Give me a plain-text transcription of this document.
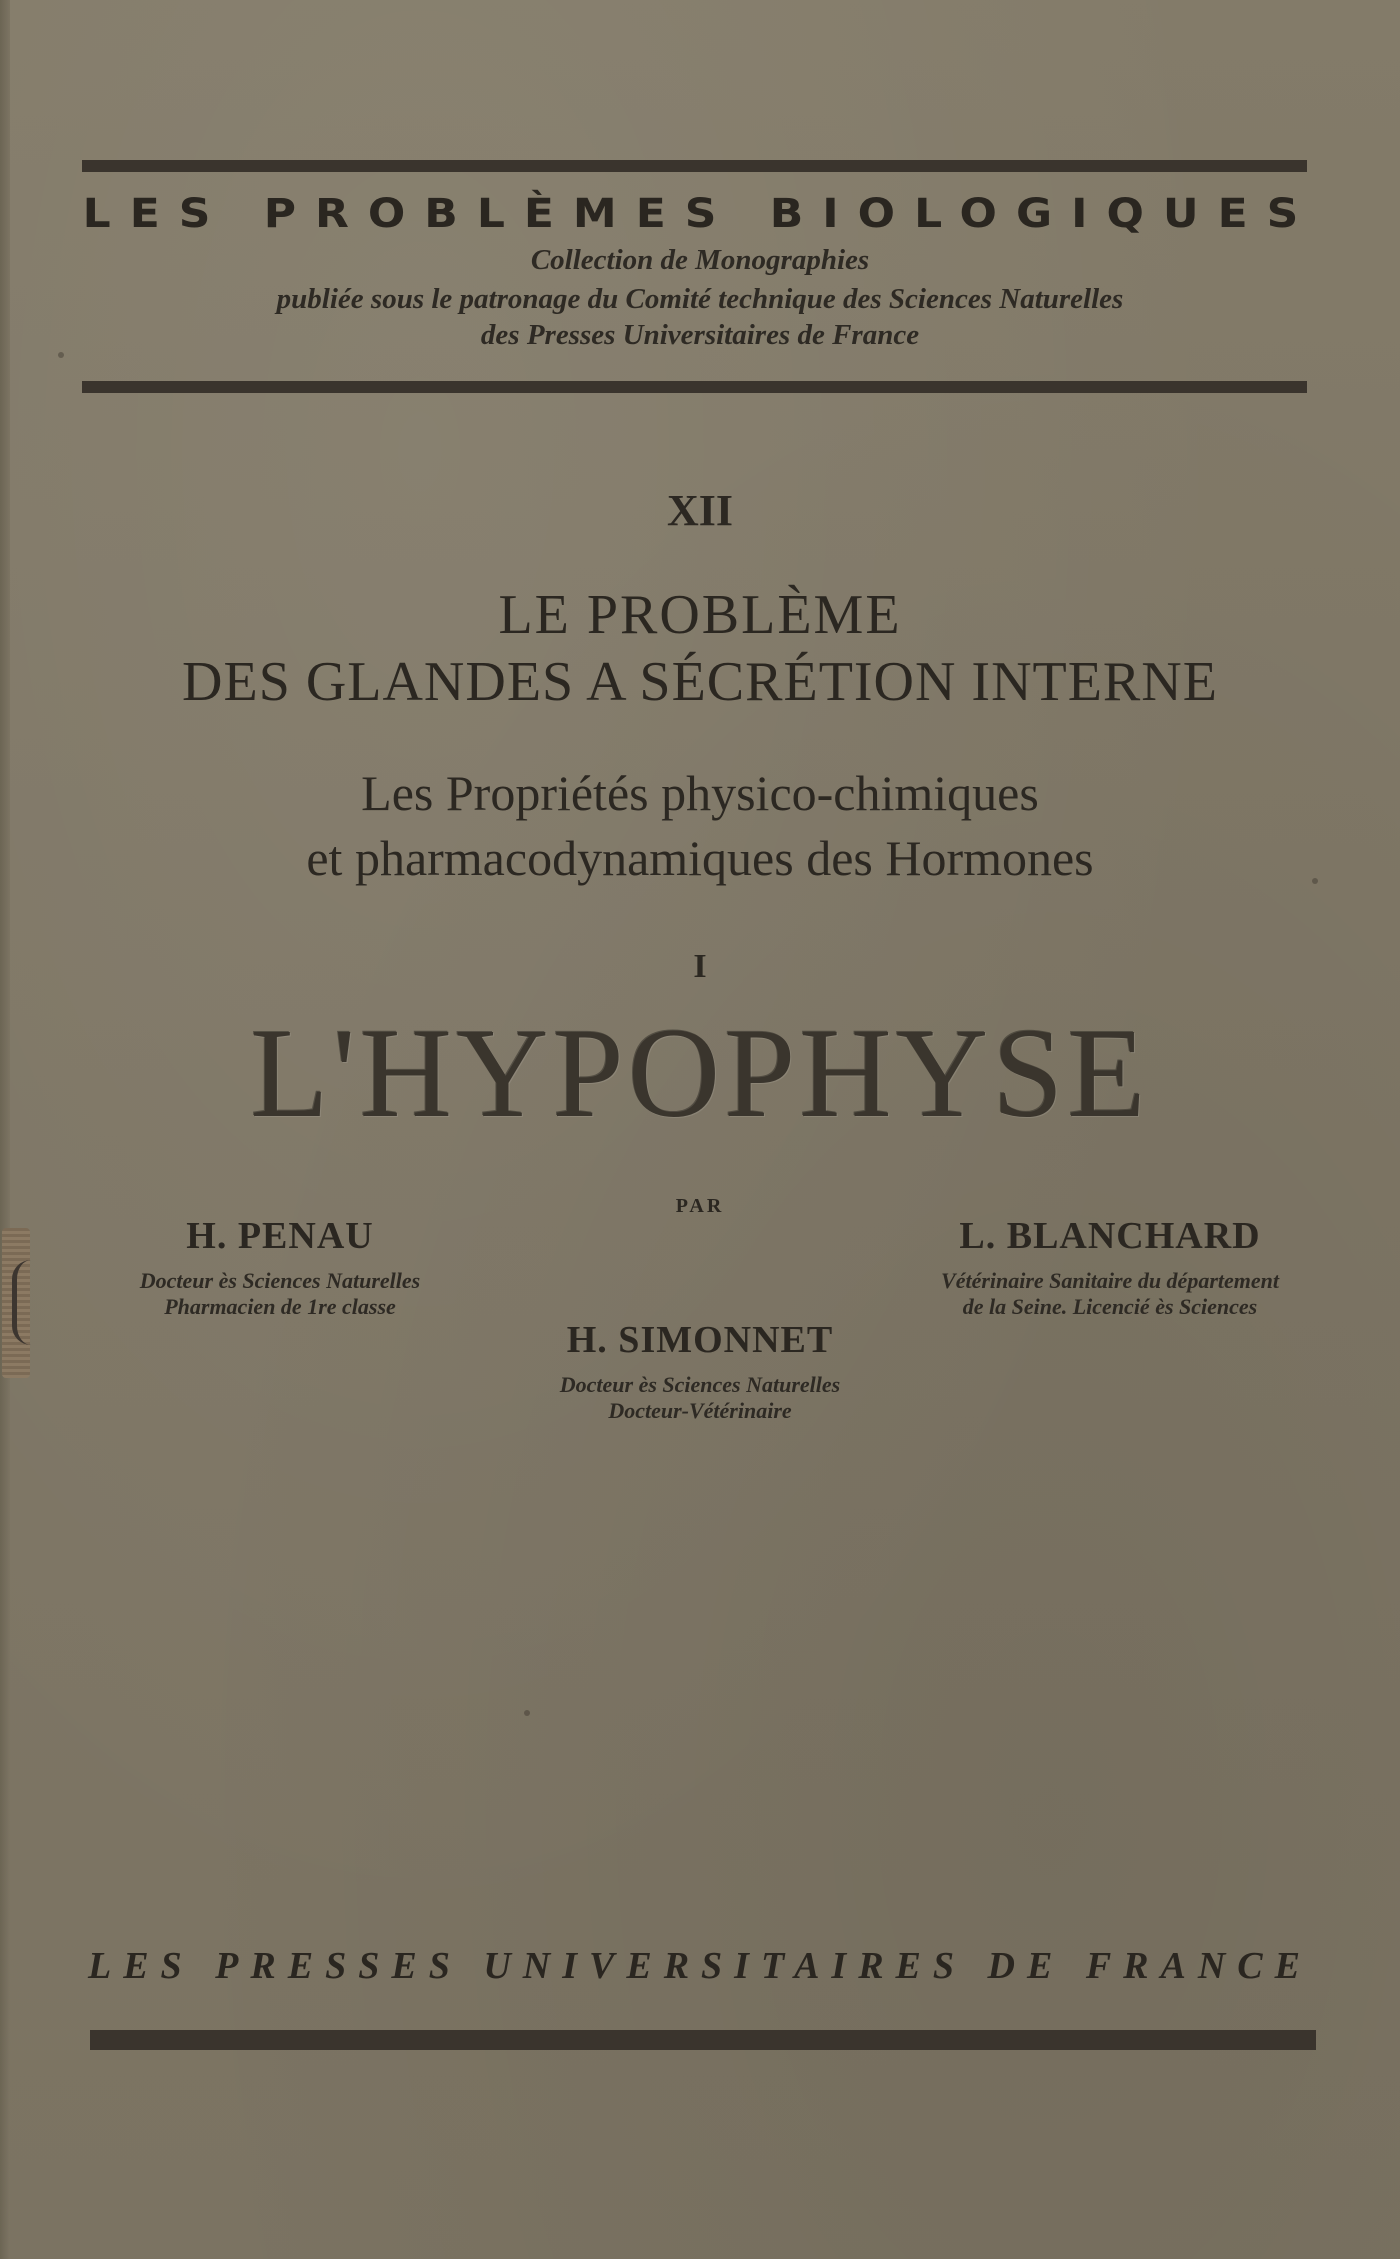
LES PROBLÈMES BIOLOGIQUES
Collection de Monographies
publiée sous le patronage du Comité technique des Sciences Naturelles
des Presses Universitaires de France
XII
LE PROBLÈME
DES GLANDES A SÉCRÉTION INTERNE
Les Propriétés physico-chimiques
et pharmacodynamiques des Hormones
I
L'HYPOPHYSE
PAR
H. PENAU
Docteur ès Sciences Naturelles
Pharmacien de 1re classe
L. BLANCHARD
Vétérinaire Sanitaire du département
de la Seine. Licencié ès Sciences
H. SIMONNET
Docteur ès Sciences Naturelles
Docteur-Vétérinaire
LES PRESSES UNIVERSITAIRES DE FRANCE
